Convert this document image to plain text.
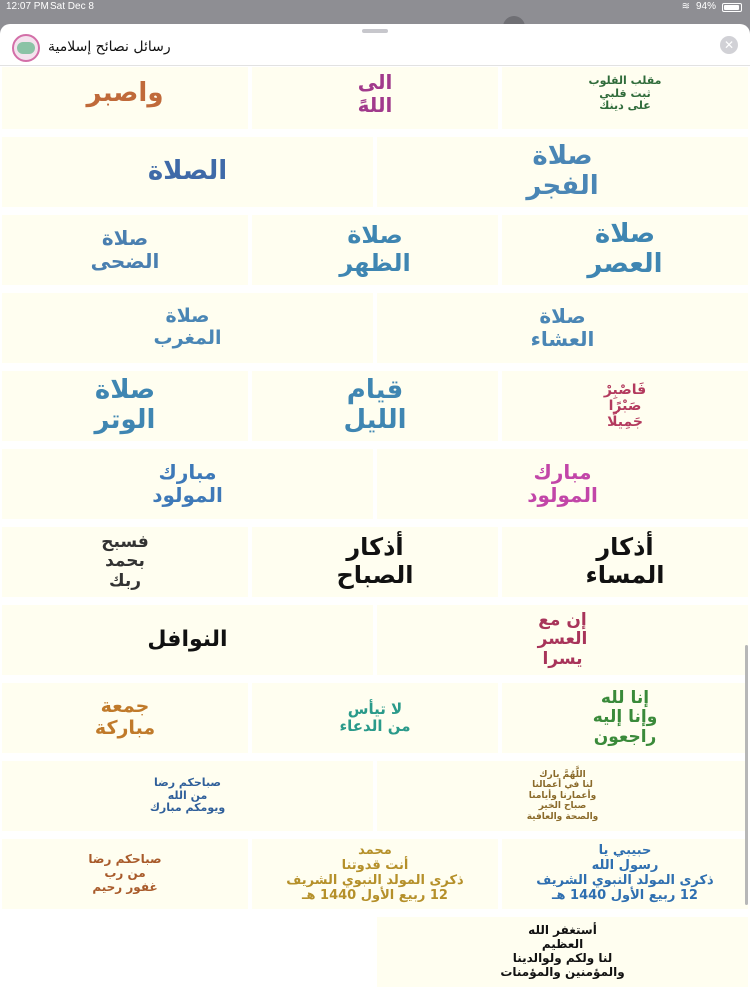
12:07 PM Sat Dec 8	≋ 94%
رسائل نصائح إسلامية	✕
مقلب القلوب
ثبت قلبي
على دينك
الى
اللهً
واصبر
صلاة
الفجر
الصلاة
صلاة
العصر
صلاة
الظهر
صلاة
الضحى
صلاة
العشاء
صلاة
المغرب
فَاصْبِرْ
صَبْرًا
جَمِيلًا
قيام
الليل
صلاة
الوتر
مبارك
المولود
مبارك
المولود
أذكار
المساء
أذكار
الصباح
فسبح
بحمد
ربك
إن مع
العسر
يسرا
النوافل
إنا لله
وإنا إليه
راجعون
لا تيأس
من الدعاء
جمعة
مباركة
اللَّهُمَّ بارك
لنا في أعمالنا
وأعمارنا وأيامنا
صباح الخير
والصحة والعافية
صباحكم رضا
من الله
ويومكم مبارك
حبيبي يا
رسول الله
ذكرى المولد النبوي الشريف
12 ربيع الأول 1440 هـ
محمد
أنت قدوتنا
ذكرى المولد النبوي الشريف
12 ربيع الأول 1440 هـ
صباحكم رضا
من رب
غفور رحيم
أستغفر الله
العظيم
لنا ولكم ولوالدينا
والمؤمنين والمؤمنات
